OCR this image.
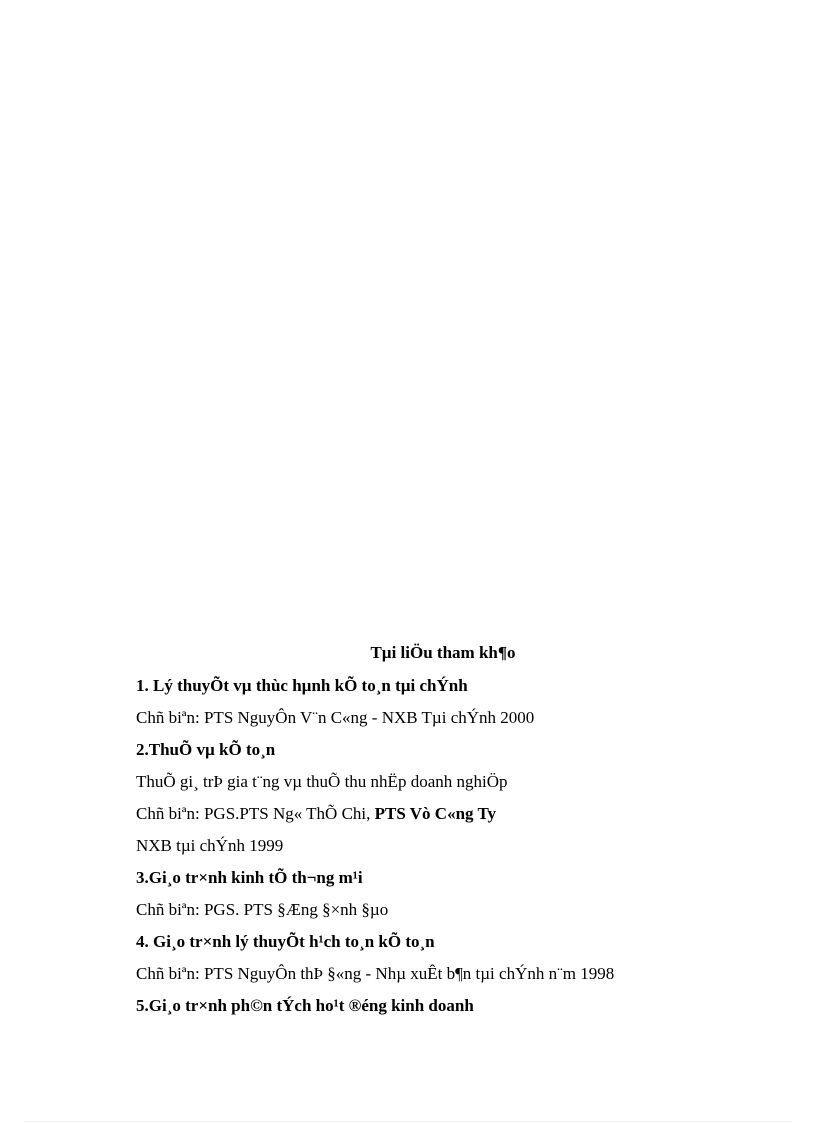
Tµi liÖu tham kh¶o
1. Lý thuyÕt vµ thùc hµnh kÕ to¸n tµi chÝnh
Chñ biªn: PTS NguyÔn V¨n C«ng - NXB Tµi chÝnh 2000
2.ThuÕ vµ kÕ to¸n
ThuÕ gi¸ trÞ gia t¨ng vµ thuÕ thu nhËp doanh nghiÖp
Chñ biªn: PGS.PTS Ng« ThÕ Chi, PTS Vò C«ng Ty
NXB tµi chÝnh 1999
3.Gi¸o tr×nh kinh tÕ th¬ng m¹i
Chñ biªn: PGS. PTS §Æng §×nh §µo
4. Gi¸o tr×nh lý thuyÕt h¹ch to¸n kÕ to¸n
Chñ biªn: PTS NguyÔn thÞ §«ng - Nhµ xuÊt b¶n tµi chÝnh n¨m 1998
5.Gi¸o tr×nh ph©n tÝch ho¹t ®éng kinh doanh
